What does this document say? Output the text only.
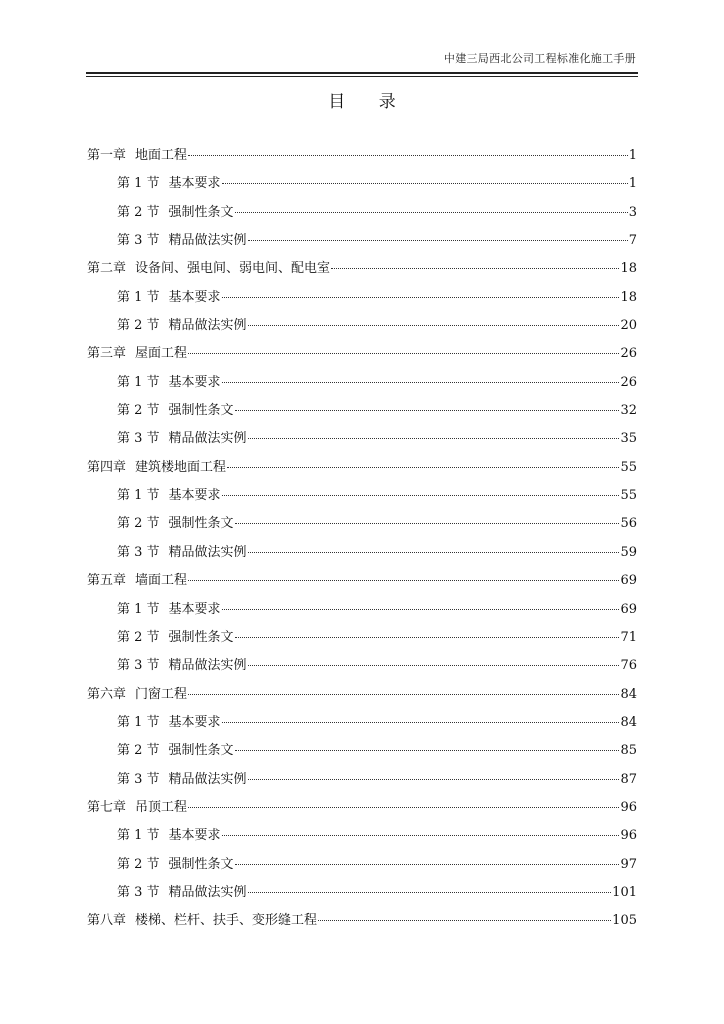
中建三局西北公司工程标准化施工手册
目 录
第一章 地面工程	1
第 1 节 基本要求	1
第 2 节 强制性条文	3
第 3 节 精品做法实例	7
第二章 设备间、强电间、弱电间、配电室	18
第 1 节 基本要求	18
第 2 节 精品做法实例	20
第三章 屋面工程	26
第 1 节 基本要求	26
第 2 节 强制性条文	32
第 3 节 精品做法实例	35
第四章 建筑楼地面工程	55
第 1 节 基本要求	55
第 2 节 强制性条文	56
第 3 节 精品做法实例	59
第五章 墙面工程	69
第 1 节 基本要求	69
第 2 节 强制性条文	71
第 3 节 精品做法实例	76
第六章 门窗工程	84
第 1 节 基本要求	84
第 2 节 强制性条文	85
第 3 节 精品做法实例	87
第七章 吊顶工程	96
第 1 节 基本要求	96
第 2 节 强制性条文	97
第 3 节 精品做法实例	101
第八章 楼梯、栏杆、扶手、变形缝工程	105
